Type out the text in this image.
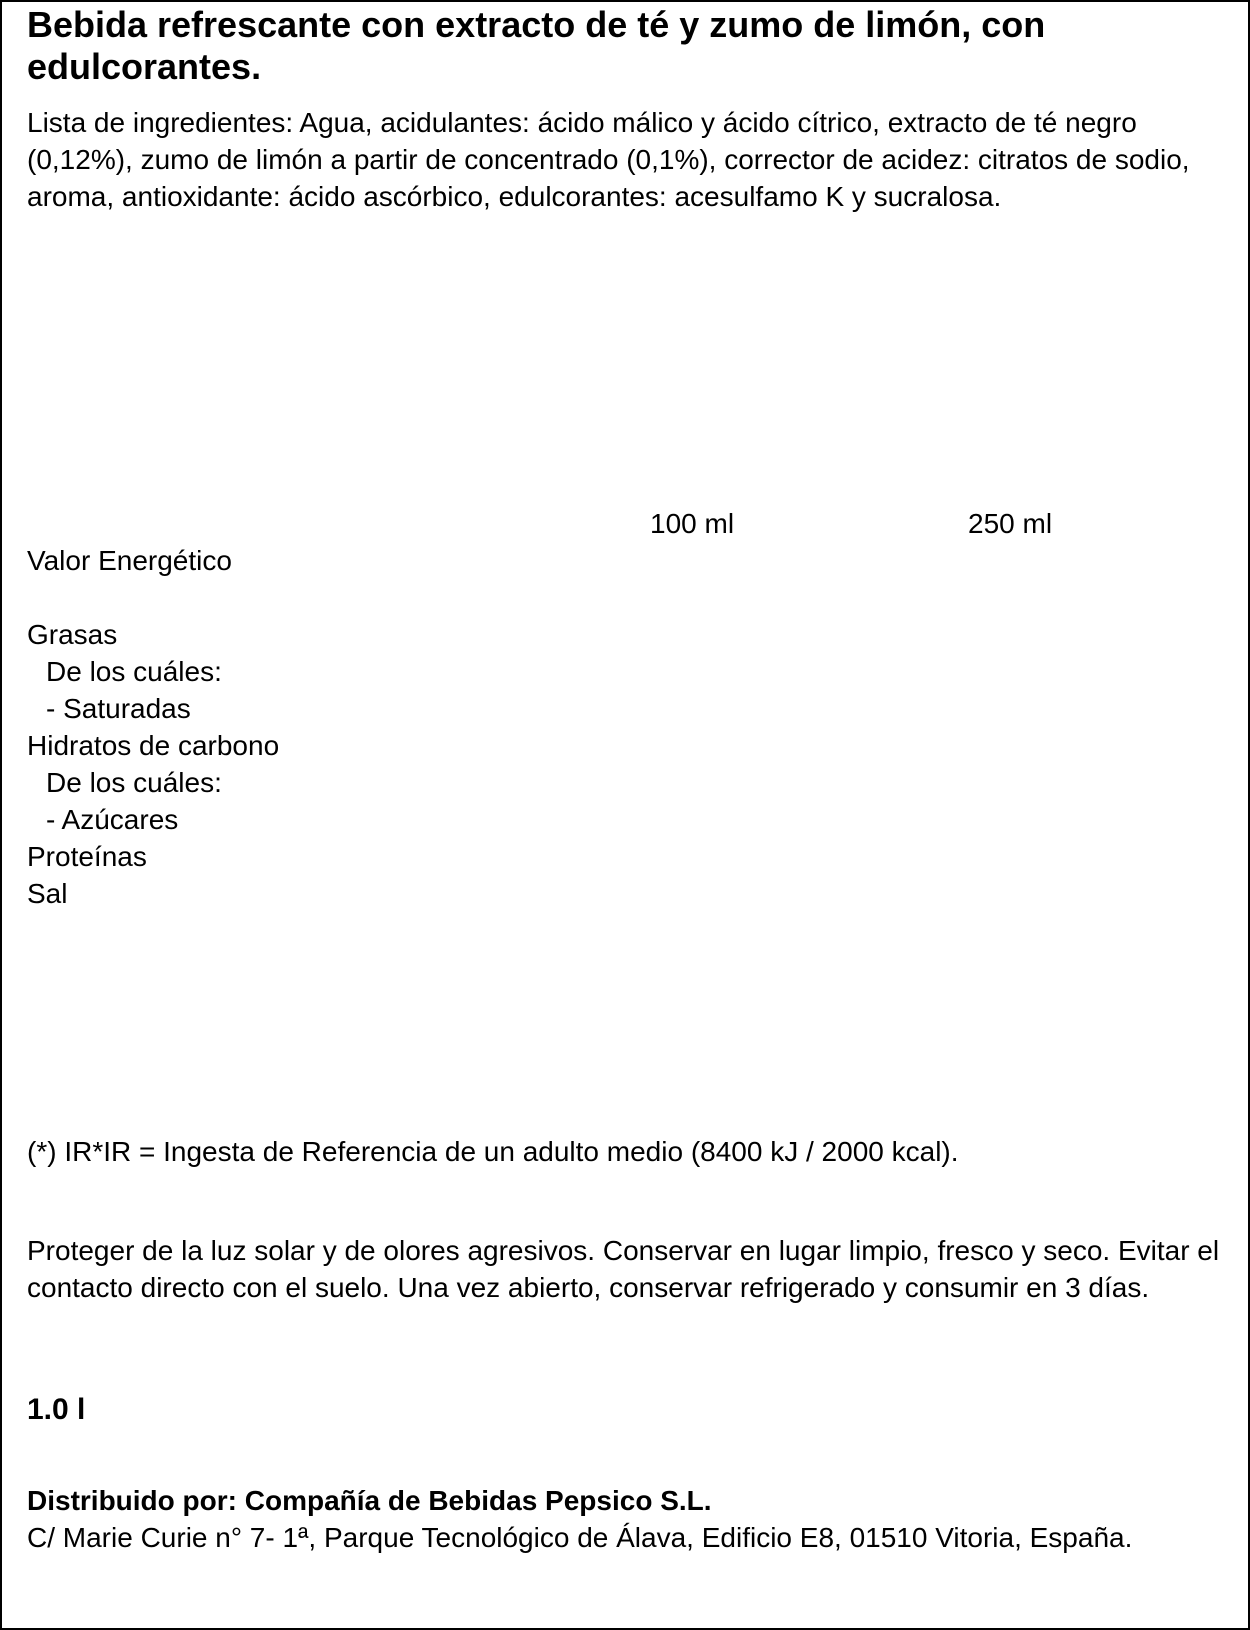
Bebida refrescante con extracto de té y zumo de limón, con edulcorantes.

Lista de ingredientes: Agua, acidulantes: ácido málico y ácido cítrico, extracto de té negro (0,12%), zumo de limón a partir de concentrado (0,1%), corrector de acidez: citratos de sodio, aroma, antioxidante: ácido ascórbico, edulcorantes: acesulfamo K y sucralosa.

100 ml	250 ml
Valor Energético
Grasas
De los cuáles:
- Saturadas
Hidratos de carbono
De los cuáles:
- Azúcares
Proteínas
Sal

(*) IR*IR = Ingesta de Referencia de un adulto medio (8400 kJ / 2000 kcal).

Proteger de la luz solar y de olores agresivos. Conservar en lugar limpio, fresco y seco. Evitar el contacto directo con el suelo. Una vez abierto, conservar refrigerado y consumir en 3 días.

1.0 l
Distribuido por: Compañía de Bebidas Pepsico S.L.

C/ Marie Curie n° 7- 1ª, Parque Tecnológico de Álava, Edificio E8, 01510 Vitoria, España.
